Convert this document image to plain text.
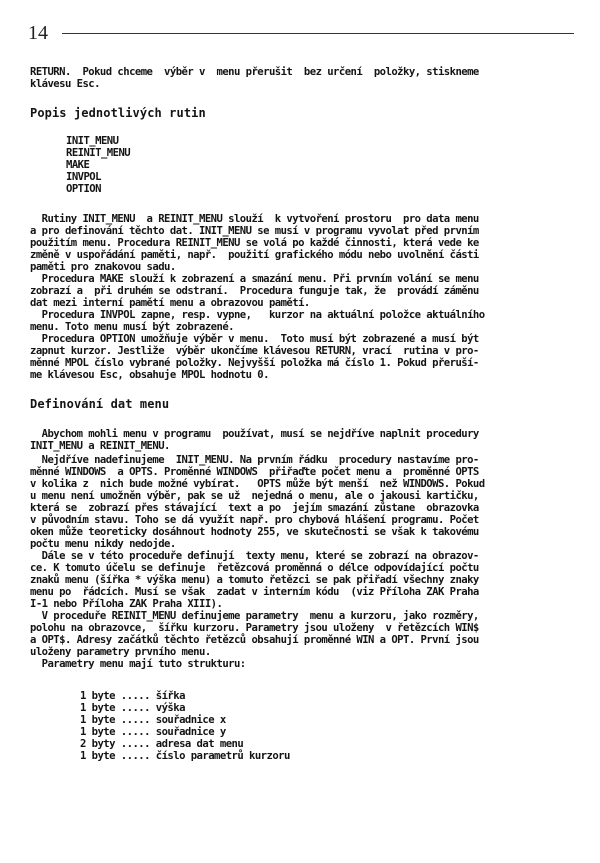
14
RETURN.  Pokud chceme  výběr v  menu přerušit  bez určení  položky, stiskneme
klávesu Esc.
Popis jednotlivých rutin
INIT_MENU
REINIT_MENU
MAKE
INVPOL
OPTION
Rutiny INIT_MENU  a REINIT_MENU slouží  k vytvoření prostoru  pro data menu
a pro definování těchto dat. INIT_MENU se musí v programu vyvolat před prvním
použitím menu. Procedura REINIT_MENU se volá po každé činnosti, která vede ke
změně v uspořádání paměti, např.  použití grafického módu nebo uvolnění části
paměti pro znakovou sadu.
Procedura MAKE slouží k zobrazení a smazání menu. Při prvním volání se menu
zobrazí a  při druhém se odstraní.  Procedura funguje tak, že  provádí záměnu
dat mezi interní pamětí menu a obrazovou pamětí.
Procedura INVPOL zapne, resp. vypne,   kurzor na aktuální položce aktuálního
menu. Toto menu musí být zobrazené.
Procedura OPTION umožňuje výběr v menu.  Toto musí být zobrazené a musí být
zapnut kurzor. Jestliže  výběr ukončíme klávesou RETURN, vrací  rutina v pro-
měnné MPOL číslo vybrané položky. Nejvyšší položka má číslo 1. Pokud přeruší-
me klávesou Esc, obsahuje MPOL hodnotu 0.
Definování dat menu
Abychom mohli menu v programu  používat, musí se nejdříve naplnit procedury
INIT_MENU a REINIT_MENU.
Nejdříve nadefinujeme  INIT_MENU. Na prvním řádku  procedury nastavíme pro-
měnné WINDOWS  a OPTS. Proměnné WINDOWS  přiřaďte počet menu a  proměnné OPTS
v kolika z  nich bude možné vybírat.   OPTS může být menší  než WINDOWS. Pokud
u menu není umožněn výběr, pak se už  nejedná o menu, ale o jakousi kartičku,
která se  zobrazí přes stávající  text a po  jejím smazání zůstane  obrazovka
v původním stavu. Toho se dá využít např. pro chybová hlášení programu. Počet
oken může teoreticky dosáhnout hodnoty 255, ve skutečnosti se však k takovému
počtu menu nikdy nedojde.
Dále se v této proceduře definují  texty menu, které se zobrazí na obrazov-
ce. K tomuto účelu se definuje  řetězcová proměnná o délce odpovídající počtu
znaků menu (šířka * výška menu) a tomuto řetězci se pak přiřadí všechny znaky
menu po  řádcích. Musí se však  zadat v interním kódu  (viz Příloha ZAK Praha
I-1 nebo Příloha ZAK Praha XIII).
V proceduře REINIT_MENU definujeme parametry  menu a kurzoru, jako rozměry,
polohu na obrazovce,  šířku kurzoru. Parametry jsou uloženy  v řetězcích WIN$
a OPT$. Adresy začátků těchto řetězců obsahují proměnné WIN a OPT. První jsou
uloženy parametry prvního menu.
Parametry menu mají tuto strukturu:
1 byte ..... šířka
1 byte ..... výška
1 byte ..... souřadnice x
1 byte ..... souřadnice y
2 byty ..... adresa dat menu
1 byte ..... číslo parametrů kurzoru
